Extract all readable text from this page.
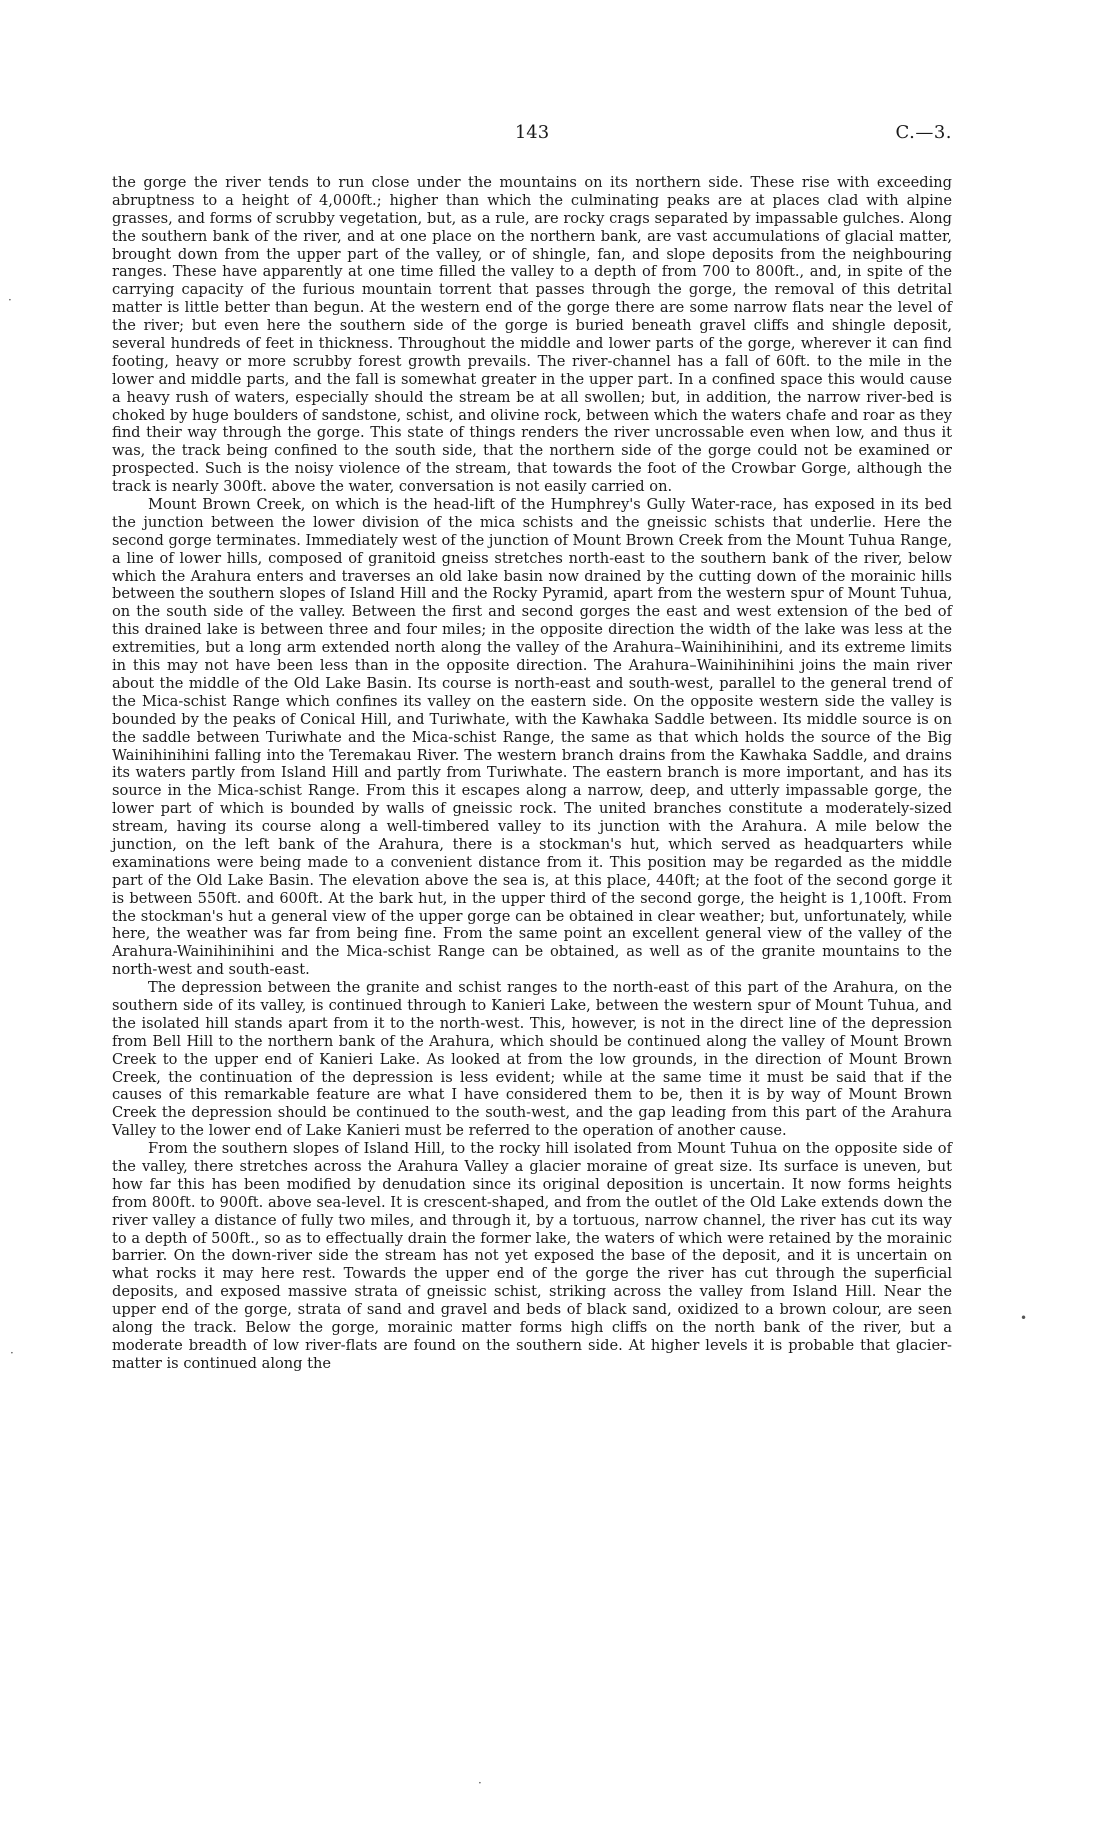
143	C.—3.

the gorge the river tends to run close under the mountains on its northern side. These rise with exceeding abruptness to a height of 4,000ft.; higher than which the culminating peaks are at places clad with alpine grasses, and forms of scrubby vegetation, but, as a rule, are rocky crags separated by impassable gulches. Along the southern bank of the river, and at one place on the northern bank, are vast accumulations of glacial matter, brought down from the upper part of the valley, or of shingle, fan, and slope deposits from the neighbouring ranges. These have apparently at one time filled the valley to a depth of from 700 to 800ft., and, in spite of the carrying capacity of the furious mountain torrent that passes through the gorge, the removal of this detrital matter is little better than begun. At the western end of the gorge there are some narrow flats near the level of the river; but even here the southern side of the gorge is buried beneath gravel cliffs and shingle deposit, several hundreds of feet in thickness. Throughout the middle and lower parts of the gorge, wherever it can find footing, heavy or more scrubby forest growth prevails. The river-channel has a fall of 60ft. to the mile in the lower and middle parts, and the fall is somewhat greater in the upper part. In a confined space this would cause a heavy rush of waters, especially should the stream be at all swollen; but, in addition, the narrow river-bed is choked by huge boulders of sandstone, schist, and olivine rock, between which the waters chafe and roar as they find their way through the gorge. This state of things renders the river uncrossable even when low, and thus it was, the track being confined to the south side, that the northern side of the gorge could not be examined or prospected. Such is the noisy violence of the stream, that towards the foot of the Crowbar Gorge, although the track is nearly 300ft. above the water, conversation is not easily carried on.

Mount Brown Creek, on which is the head-lift of the Humphrey's Gully Water-race, has exposed in its bed the junction between the lower division of the mica schists and the gneissic schists that underlie. Here the second gorge terminates. Immediately west of the junction of Mount Brown Creek from the Mount Tuhua Range, a line of lower hills, composed of granitoid gneiss stretches north-east to the southern bank of the river, below which the Arahura enters and traverses an old lake basin now drained by the cutting down of the morainic hills between the southern slopes of Island Hill and the Rocky Pyramid, apart from the western spur of Mount Tuhua, on the south side of the valley. Between the first and second gorges the east and west extension of the bed of this drained lake is between three and four miles; in the opposite direction the width of the lake was less at the extremities, but a long arm extended north along the valley of the Arahura–Wainihinihini, and its extreme limits in this may not have been less than in the opposite direction. The Arahura–Wainihinihini joins the main river about the middle of the Old Lake Basin. Its course is north-east and south-west, parallel to the general trend of the Mica-schist Range which confines its valley on the eastern side. On the opposite western side the valley is bounded by the peaks of Conical Hill, and Turiwhate, with the Kawhaka Saddle between. Its middle source is on the saddle between Turiwhate and the Mica-schist Range, the same as that which holds the source of the Big Wainihinihini falling into the Teremakau River. The western branch drains from the Kawhaka Saddle, and drains its waters partly from Island Hill and partly from Turiwhate. The eastern branch is more important, and has its source in the Mica-schist Range. From this it escapes along a narrow, deep, and utterly impassable gorge, the lower part of which is bounded by walls of gneissic rock. The united branches constitute a moderately-sized stream, having its course along a well-timbered valley to its junction with the Arahura. A mile below the junction, on the left bank of the Arahura, there is a stockman's hut, which served as headquarters while examinations were being made to a convenient distance from it. This position may be regarded as the middle part of the Old Lake Basin. The elevation above the sea is, at this place, 440ft; at the foot of the second gorge it is between 550ft. and 600ft. At the bark hut, in the upper third of the second gorge, the height is 1,100ft. From the stockman's hut a general view of the upper gorge can be obtained in clear weather; but, unfortunately, while here, the weather was far from being fine. From the same point an excellent general view of the valley of the Arahura-Wainihinihini and the Mica-schist Range can be obtained, as well as of the granite mountains to the north-west and south-east.

The depression between the granite and schist ranges to the north-east of this part of the Arahura, on the southern side of its valley, is continued through to Kanieri Lake, between the western spur of Mount Tuhua, and the isolated hill stands apart from it to the north-west. This, however, is not in the direct line of the depression from Bell Hill to the northern bank of the Arahura, which should be continued along the valley of Mount Brown Creek to the upper end of Kanieri Lake. As looked at from the low grounds, in the direction of Mount Brown Creek, the continuation of the depression is less evident; while at the same time it must be said that if the causes of this remarkable feature are what I have considered them to be, then it is by way of Mount Brown Creek the depression should be continued to the south-west, and the gap leading from this part of the Arahura Valley to the lower end of Lake Kanieri must be referred to the operation of another cause.

From the southern slopes of Island Hill, to the rocky hill isolated from Mount Tuhua on the opposite side of the valley, there stretches across the Arahura Valley a glacier moraine of great size. Its surface is uneven, but how far this has been modified by denudation since its original deposition is uncertain. It now forms heights from 800ft. to 900ft. above sea-level. It is crescent-shaped, and from the outlet of the Old Lake extends down the river valley a distance of fully two miles, and through it, by a tortuous, narrow channel, the river has cut its way to a depth of 500ft., so as to effectually drain the former lake, the waters of which were retained by the morainic barrier. On the down-river side the stream has not yet exposed the base of the deposit, and it is uncertain on what rocks it may here rest. Towards the upper end of the gorge the river has cut through the superficial deposits, and exposed massive strata of gneissic schist, striking across the valley from Island Hill. Near the upper end of the gorge, strata of sand and gravel and beds of black sand, oxidized to a brown colour, are seen along the track. Below the gorge, morainic matter forms high cliffs on the north bank of the river, but a moderate breadth of low river-flats are found on the southern side. At higher levels it is probable that glacier-matter is continued along the

·
·
•
·
